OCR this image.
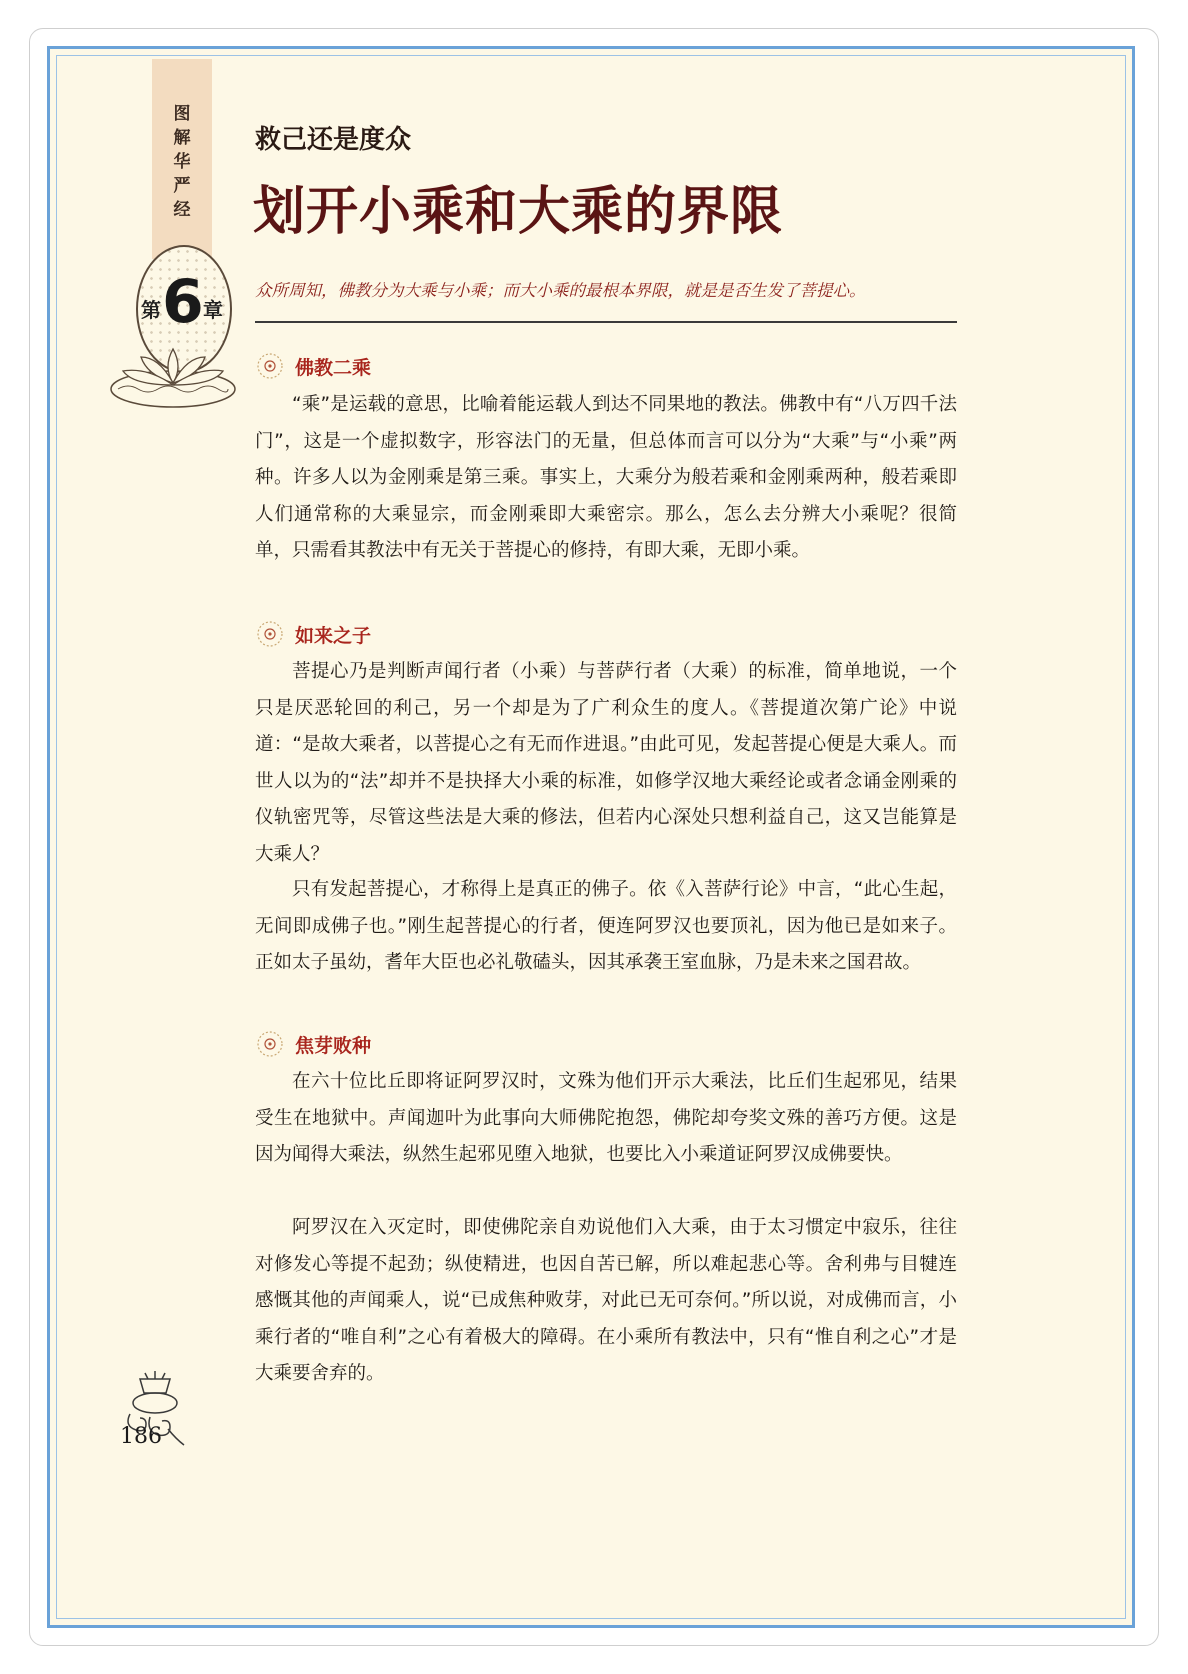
图
解
华
严
经
第 6 章
救己还是度众
划开小乘和大乘的界限
众所周知，佛教分为大乘与小乘；而大小乘的最根本界限，就是是否生发了菩提心。
佛教二乘

“乘”是运载的意思，比喻着能运载人到达不同果地的教法。佛教中有“八万四千法门”，这是一个虚拟数字，形容法门的无量，但总体而言可以分为“大乘”与“小乘”两种。许多人以为金刚乘是第三乘。事实上，大乘分为般若乘和金刚乘两种，般若乘即人们通常称的大乘显宗，而金刚乘即大乘密宗。那么，怎么去分辨大小乘呢？很简单，只需看其教法中有无关于菩提心的修持，有即大乘，无即小乘。

如来之子

菩提心乃是判断声闻行者（小乘）与菩萨行者（大乘）的标准，简单地说，一个只是厌恶轮回的利己，另一个却是为了广利众生的度人。《菩提道次第广论》中说道：“是故大乘者，以菩提心之有无而作进退。”由此可见，发起菩提心便是大乘人。而世人以为的“法”却并不是抉择大小乘的标准，如修学汉地大乘经论或者念诵金刚乘的仪轨密咒等，尽管这些法是大乘的修法，但若内心深处只想利益自己，这又岂能算是大乘人？

只有发起菩提心，才称得上是真正的佛子。依《入菩萨行论》中言，“此心生起，无间即成佛子也。”刚生起菩提心的行者，便连阿罗汉也要顶礼，因为他已是如来子。正如太子虽幼，耆年大臣也必礼敬磕头，因其承袭王室血脉，乃是未来之国君故。

焦芽败种

在六十位比丘即将证阿罗汉时，文殊为他们开示大乘法，比丘们生起邪见，结果受生在地狱中。声闻迦叶为此事向大师佛陀抱怨，佛陀却夸奖文殊的善巧方便。这是因为闻得大乘法，纵然生起邪见堕入地狱，也要比入小乘道证阿罗汉成佛要快。

阿罗汉在入灭定时，即使佛陀亲自劝说他们入大乘，由于太习惯定中寂乐，往往对修发心等提不起劲；纵使精进，也因自苦已解，所以难起悲心等。舍利弗与目犍连感慨其他的声闻乘人，说“已成焦种败芽，对此已无可奈何。”所以说，对成佛而言，小乘行者的“唯自利”之心有着极大的障碍。在小乘所有教法中，只有“惟自利之心”才是大乘要舍弃的。

186
